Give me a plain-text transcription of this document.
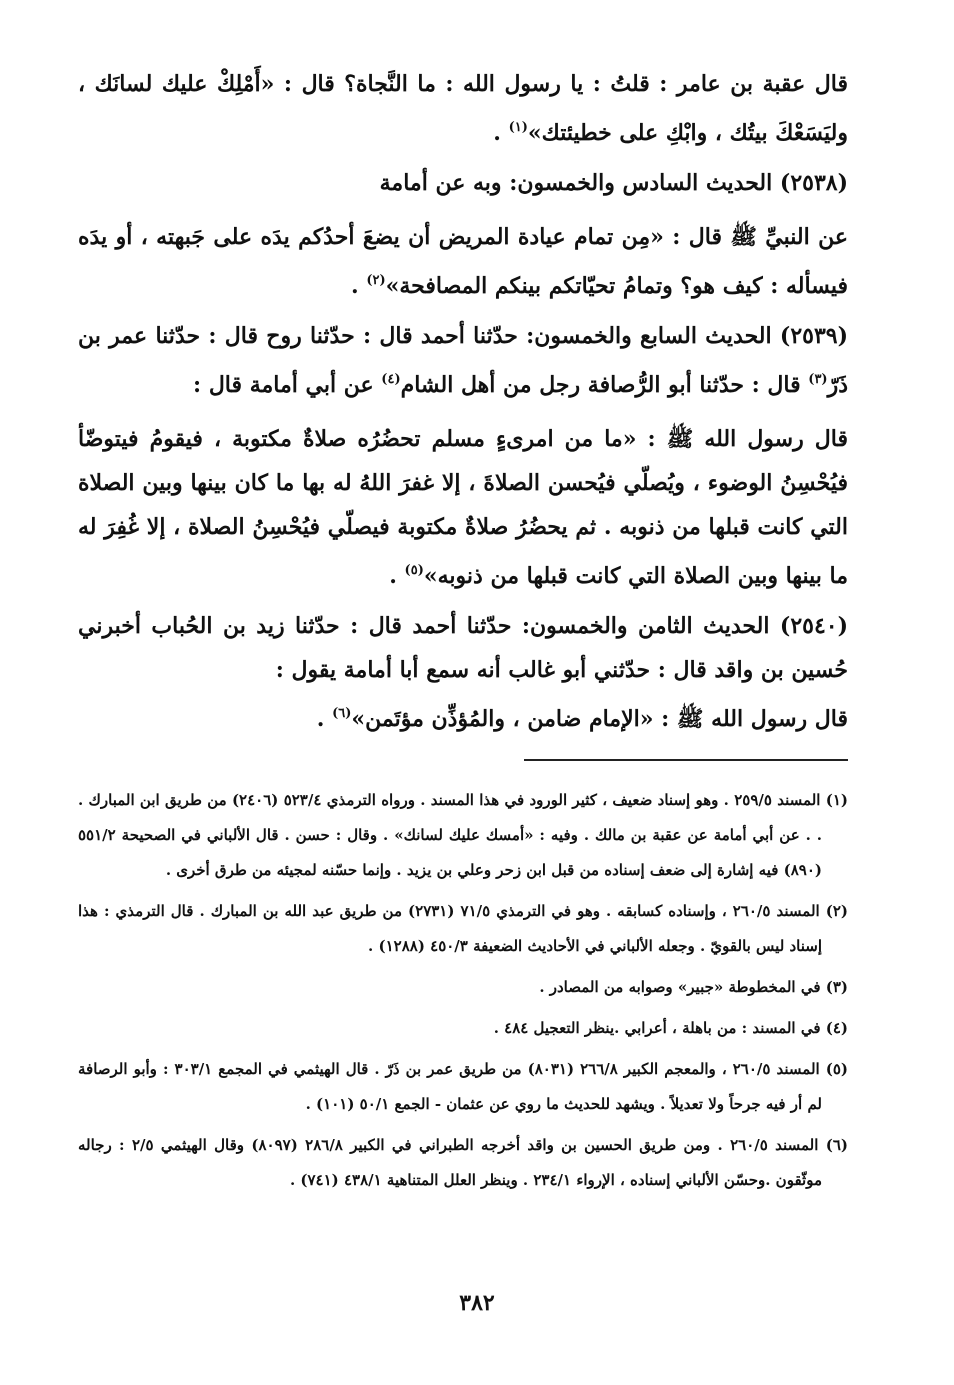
قال عقبة بن عامر : قلتُ : يا رسول الله : ما النَّجاة؟ قال : «أَمْلِكْ عليك لسانَك ، وليَسَعْكَ بيتُك ، وابْكِ على خطيئتك»$^{(١)}$ .

(٢٥٣٨) الحديث السادس والخمسون: وبه عن أمامة

عن النبيِّ ﷺ قال : «مِن تمام عيادة المريض أن يضعَ أحدُكم يدَه على جَبهته ، أو يدَه فيسأله : كيف هو؟ وتمامُ تحيّاتكم بينكم المصافحة»$^{(٢)}$ .

(٢٥٣٩) الحديث السابع والخمسون: حدّثنا أحمد قال : حدّثنا روح قال : حدّثنا عمر بن ذَرّ$^{(٣)}$ قال : حدّثنا أبو الرُّصافة رجل من أهل الشام$^{(٤)}$ عن أبي أمامة قال :

قال رسول الله ﷺ : «ما من امرىءٍ مسلم تحضُرُه صلاةٌ مكتوبة ، فيقومُ فيتوضّأ فيُحْسِنُ الوضوء ، ويُصلّي فيُحسن الصلاةَ ، إلا غفرَ اللهُ له بها ما كان بينها وبين الصلاة التي كانت قبلها من ذنوبه . ثم يحضُرُ صلاةٌ مكتوبة فيصلّي فيُحْسِنُ الصلاة ، إلا غُفِرَ له ما بينها وبين الصلاة التي كانت قبلها من ذنوبه»$^{(٥)}$ .

(٢٥٤٠) الحديث الثامن والخمسون: حدّثنا أحمد قال : حدّثنا زيد بن الحُباب أخبرني حُسين بن واقد قال : حدّثني أبو غالب أنه سمع أبا أمامة يقول :

قال رسول الله ﷺ : «الإمام ضامن ، والمُؤذِّن مؤتَمن»$^{(٦)}$ .

(١) المسند ٢٥٩/٥ . وهو إسناد ضعيف ، كثير الورود في هذا المسند . ورواه الترمذي ٥٢٣/٤ (٢٤٠٦) من طريق ابن المبارك . . . عن أبي أمامة عن عقبة بن مالك . وفيه : «أمسك عليك لسانك» . وقال : حسن . قال الألباني في الصحيحة ٥٥١/٢ (٨٩٠) فيه إشارة إلى ضعف إسناده من قبل ابن زحر وعلي بن يزيد . وإنما حسّنه لمجيئه من طرق أخرى .

(٢) المسند ٢٦٠/٥ ، وإسناده كسابقه . وهو في الترمذي ٧١/٥ (٢٧٣١) من طريق عبد الله بن المبارك . قال الترمذي : هذا إسناد ليس بالقويّ . وجعله الألباني في الأحاديث الضعيفة ٤٥٠/٣ (١٢٨٨) .

(٣) في المخطوطة «جبير» وصوابه من المصادر .

(٤) في المسند : من باهلة ، أعرابي .ينظر التعجيل ٤٨٤ .

(٥) المسند ٢٦٠/٥ ، والمعجم الكبير ٢٦٦/٨ (٨٠٣١) من طريق عمر بن ذَرّ . قال الهيثمي في المجمع ٣٠٣/١ : وأبو الرصافة لم أر فيه جرحاً ولا تعديلاً . ويشهد للحديث ما روي عن عثمان - الجمع ٥٠/١ (١٠١) .

(٦) المسند ٢٦٠/٥ . ومن طريق الحسين بن واقد أخرجه الطبراني في الكبير ٢٨٦/٨ (٨٠٩٧) وقال الهيثمي ٢/٥ : رجاله موثّقون .وحسّن الألباني إسناده ، الإرواء ٢٣٤/١ . وينظر العلل المتناهية ٤٣٨/١ (٧٤١) .

٣٨٢
